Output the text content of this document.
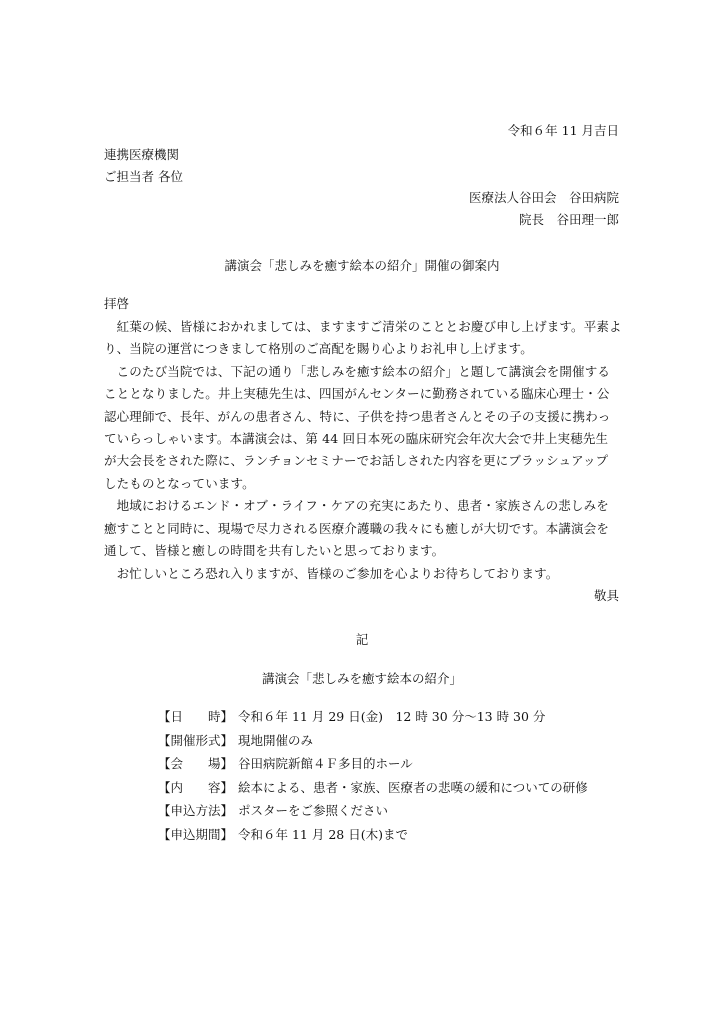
令和６年 11 月吉日
連携医療機関
ご担当者 各位
医療法人谷田会　谷田病院
院長　谷田理一郎
講演会「悲しみを癒す絵本の紹介」開催の御案内
拝啓
　紅葉の候、皆様におかれましては、ますますご清栄のこととお慶び申し上げます。平素よ
り、当院の運営につきまして格別のご高配を賜り心よりお礼申し上げます。
　このたび当院では、下記の通り「悲しみを癒す絵本の紹介」と題して講演会を開催する
こととなりました。井上実穂先生は、四国がんセンターに勤務されている臨床心理士・公
認心理師で、長年、がんの患者さん、特に、子供を持つ患者さんとその子の支援に携わっ
ていらっしゃいます。本講演会は、第 44 回日本死の臨床研究会年次大会で井上実穂先生
が大会長をされた際に、ランチョンセミナーでお話しされた内容を更にブラッシュアップ
したものとなっています。
　地域におけるエンド・オブ・ライフ・ケアの充実にあたり、患者・家族さんの悲しみを
癒すことと同時に、現場で尽力される医療介護職の我々にも癒しが大切です。本講演会を
通して、皆様と癒しの時間を共有したいと思っております。
　お忙しいところ恐れ入りますが、皆様のご参加を心よりお待ちしております。
敬具
記
講演会「悲しみを癒す絵本の紹介」
【日　　時】 令和６年 11 月 29 日(金)　12 時 30 分～13 時 30 分
【開催形式】 現地開催のみ
【会　　場】 谷田病院新館４Ｆ多目的ホール
【内　　容】 絵本による、患者・家族、医療者の悲嘆の緩和についての研修
【申込方法】 ポスターをご参照ください
【申込期間】 令和６年 11 月 28 日(木)まで
